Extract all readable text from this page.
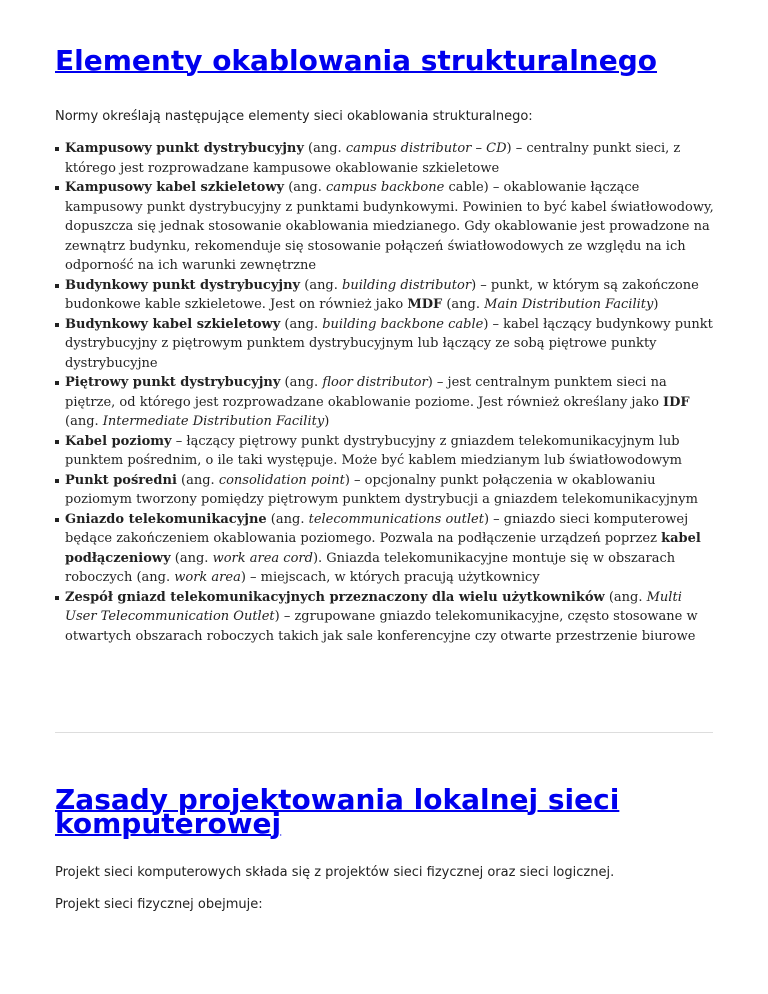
Elementy okablowania strukturalnego

Normy określają następujące elementy sieci okablowania strukturalnego:

Kampusowy punkt dystrybucyjny (ang. campus distributor – CD) – centralny punkt sieci, z którego jest rozprowadzane kampusowe okablowanie szkieletowe
Kampusowy kabel szkieletowy (ang. campus backbone cable) – okablowanie łączące kampusowy punkt dystrybucyjny z punktami budynkowymi. Powinien to być kabel światłowodowy, dopuszcza się jednak stosowanie okablowania miedzianego. Gdy okablowanie jest prowadzone na zewnątrz budynku, rekomenduje się stosowanie połączeń światłowodowych ze względu na ich odporność na ich warunki zewnętrzne
Budynkowy punkt dystrybucyjny (ang. building distributor) – punkt, w którym są zakończone budonkowe kable szkieletowe. Jest on również jako MDF (ang. Main Distribution Facility)
Budynkowy kabel szkieletowy (ang. building backbone cable) – kabel łączący budynkowy punkt dystrybucyjny z piętrowym punktem dystrybucyjnym lub łączący ze sobą piętrowe punkty dystrybucyjne
Piętrowy punkt dystrybucyjny (ang. floor distributor) – jest centralnym punktem sieci na piętrze, od którego jest rozprowadzane okablowanie poziome. Jest również określany jako IDF (ang. Intermediate Distribution Facility)
Kabel poziomy – łączący piętrowy punkt dystrybucyjny z gniazdem telekomunikacyjnym lub punktem pośrednim, o ile taki występuje. Może być kablem miedzianym lub światłowodowym
Punkt pośredni (ang. consolidation point) – opcjonalny punkt połączenia w okablowaniu poziomym tworzony pomiędzy piętrowym punktem dystrybucji a gniazdem telekomunikacyjnym
Gniazdo telekomunikacyjne (ang. telecommunications outlet) – gniazdo sieci komputerowej będące zakończeniem okablowania poziomego. Pozwala na podłączenie urządzeń poprzez kabel podłączeniowy (ang. work area cord). Gniazda telekomunikacyjne montuje się w obszarach roboczych (ang. work area) – miejscach, w których pracują użytkownicy
Zespół gniazd telekomunikacyjnych przeznaczony dla wielu użytkowników (ang. Multi User Telecommunication Outlet) – zgrupowane gniazdo telekomunikacyjne, często stosowane w otwartych obszarach roboczych takich jak sale konferencyjne czy otwarte przestrzenie biurowe
Zasady projektowania lokalnej sieci komputerowej

Projekt sieci komputerowych składa się z projektów sieci fizycznej oraz sieci logicznej.

Projekt sieci fizycznej obejmuje:
